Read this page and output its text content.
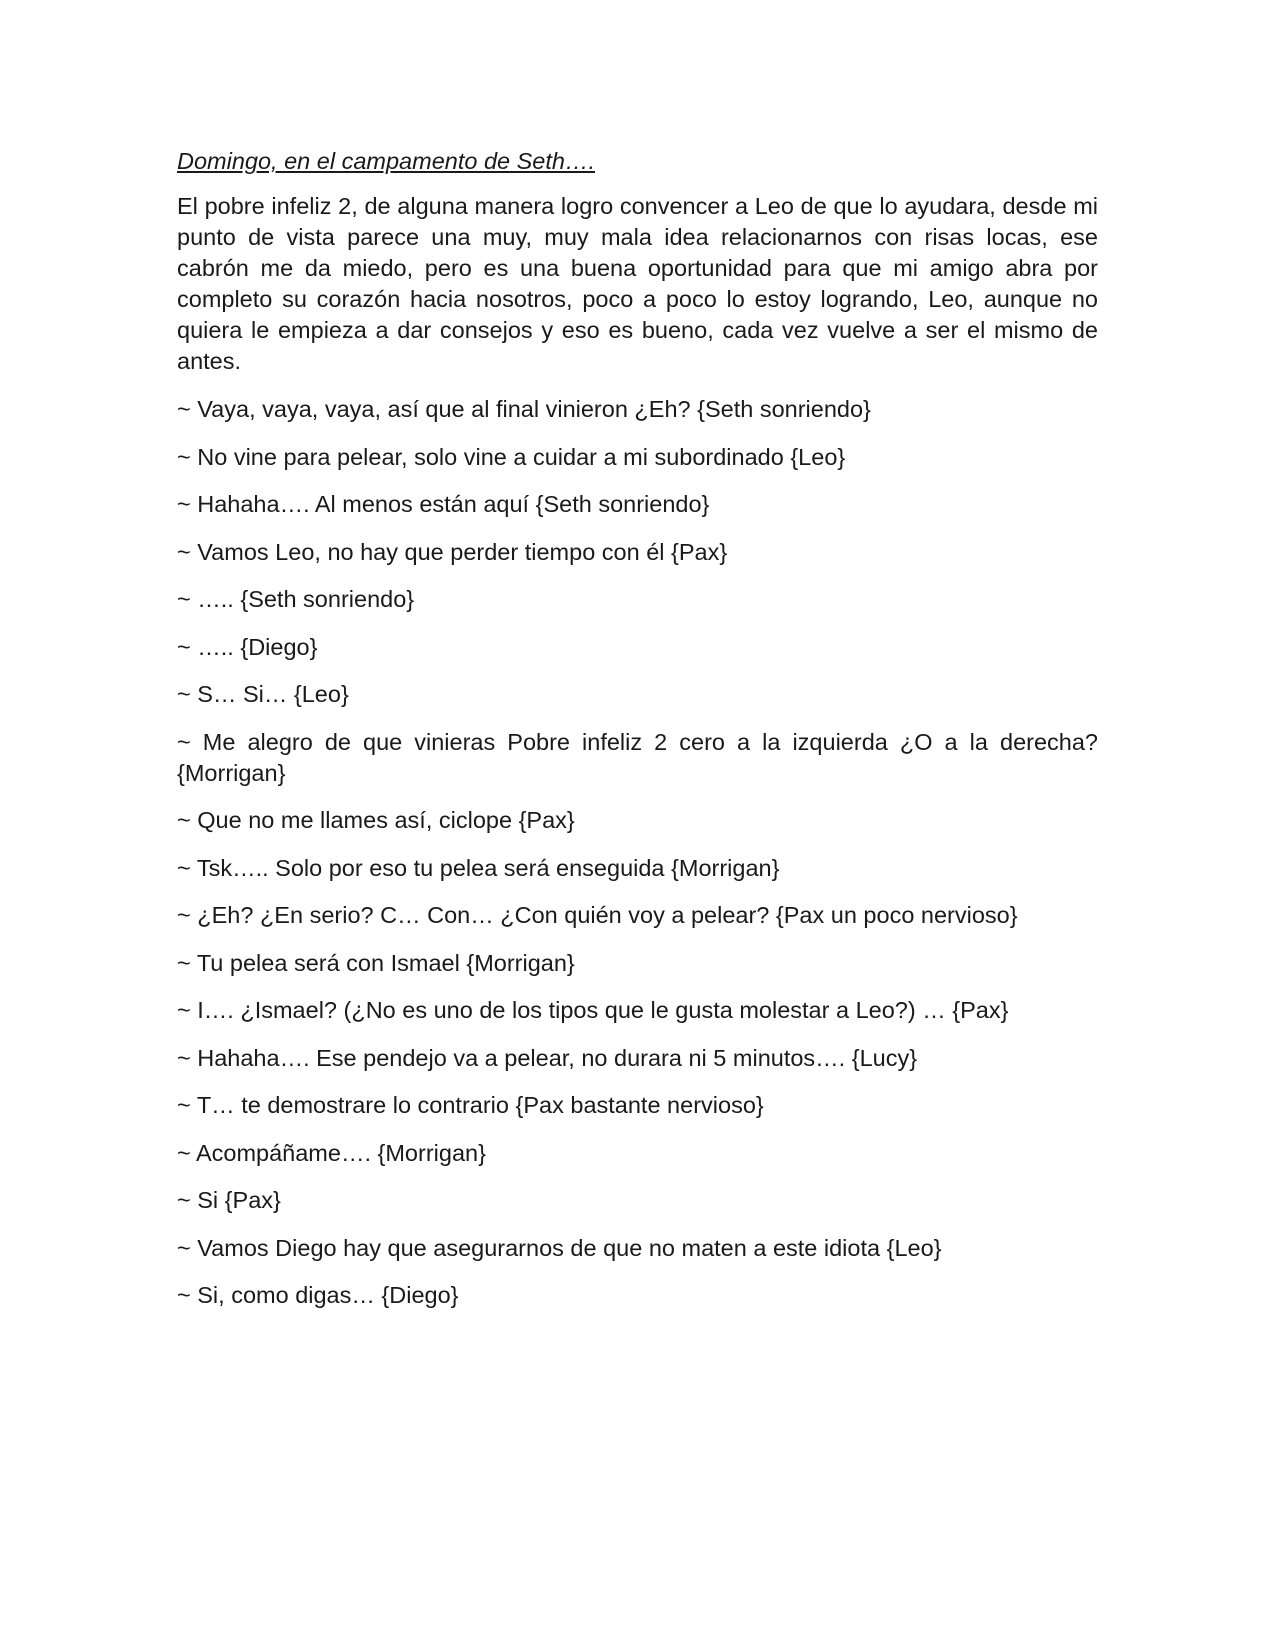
Domingo, en el campamento de Seth….

El pobre infeliz 2, de alguna manera logro convencer a Leo de que lo ayudara, desde mi punto de vista parece una muy, muy mala idea relacionarnos con risas locas, ese cabrón me da miedo, pero es una buena oportunidad para que mi amigo abra por completo su corazón hacia nosotros, poco a poco lo estoy logrando, Leo, aunque no quiera le empieza a dar consejos y eso es bueno, cada vez vuelve a ser el mismo de antes.

~ Vaya, vaya, vaya, así que al final vinieron ¿Eh? {Seth sonriendo}
~ No vine para pelear, solo vine a cuidar a mi subordinado {Leo}
~ Hahaha…. Al menos están aquí {Seth sonriendo}
~ Vamos Leo, no hay que perder tiempo con él {Pax}
~ ….. {Seth sonriendo}
~ ….. {Diego}
~ S… Si… {Leo}
~ Me alegro de que vinieras Pobre infeliz 2 cero a la izquierda ¿O a la derecha? {Morrigan}
~ Que no me llames así, ciclope {Pax}
~ Tsk….. Solo por eso tu pelea será enseguida {Morrigan}
~ ¿Eh? ¿En serio? C… Con… ¿Con quién voy a pelear? {Pax un poco nervioso}
~ Tu pelea será con Ismael {Morrigan}
~ I…. ¿Ismael? (¿No es uno de los tipos que le gusta molestar a Leo?) … {Pax}
~ Hahaha…. Ese pendejo va a pelear, no durara ni 5 minutos…. {Lucy}
~ T… te demostrare lo contrario {Pax bastante nervioso}
~ Acompáñame…. {Morrigan}
~ Si {Pax}
~ Vamos Diego hay que asegurarnos de que no maten a este idiota {Leo}
~ Si, como digas… {Diego}
